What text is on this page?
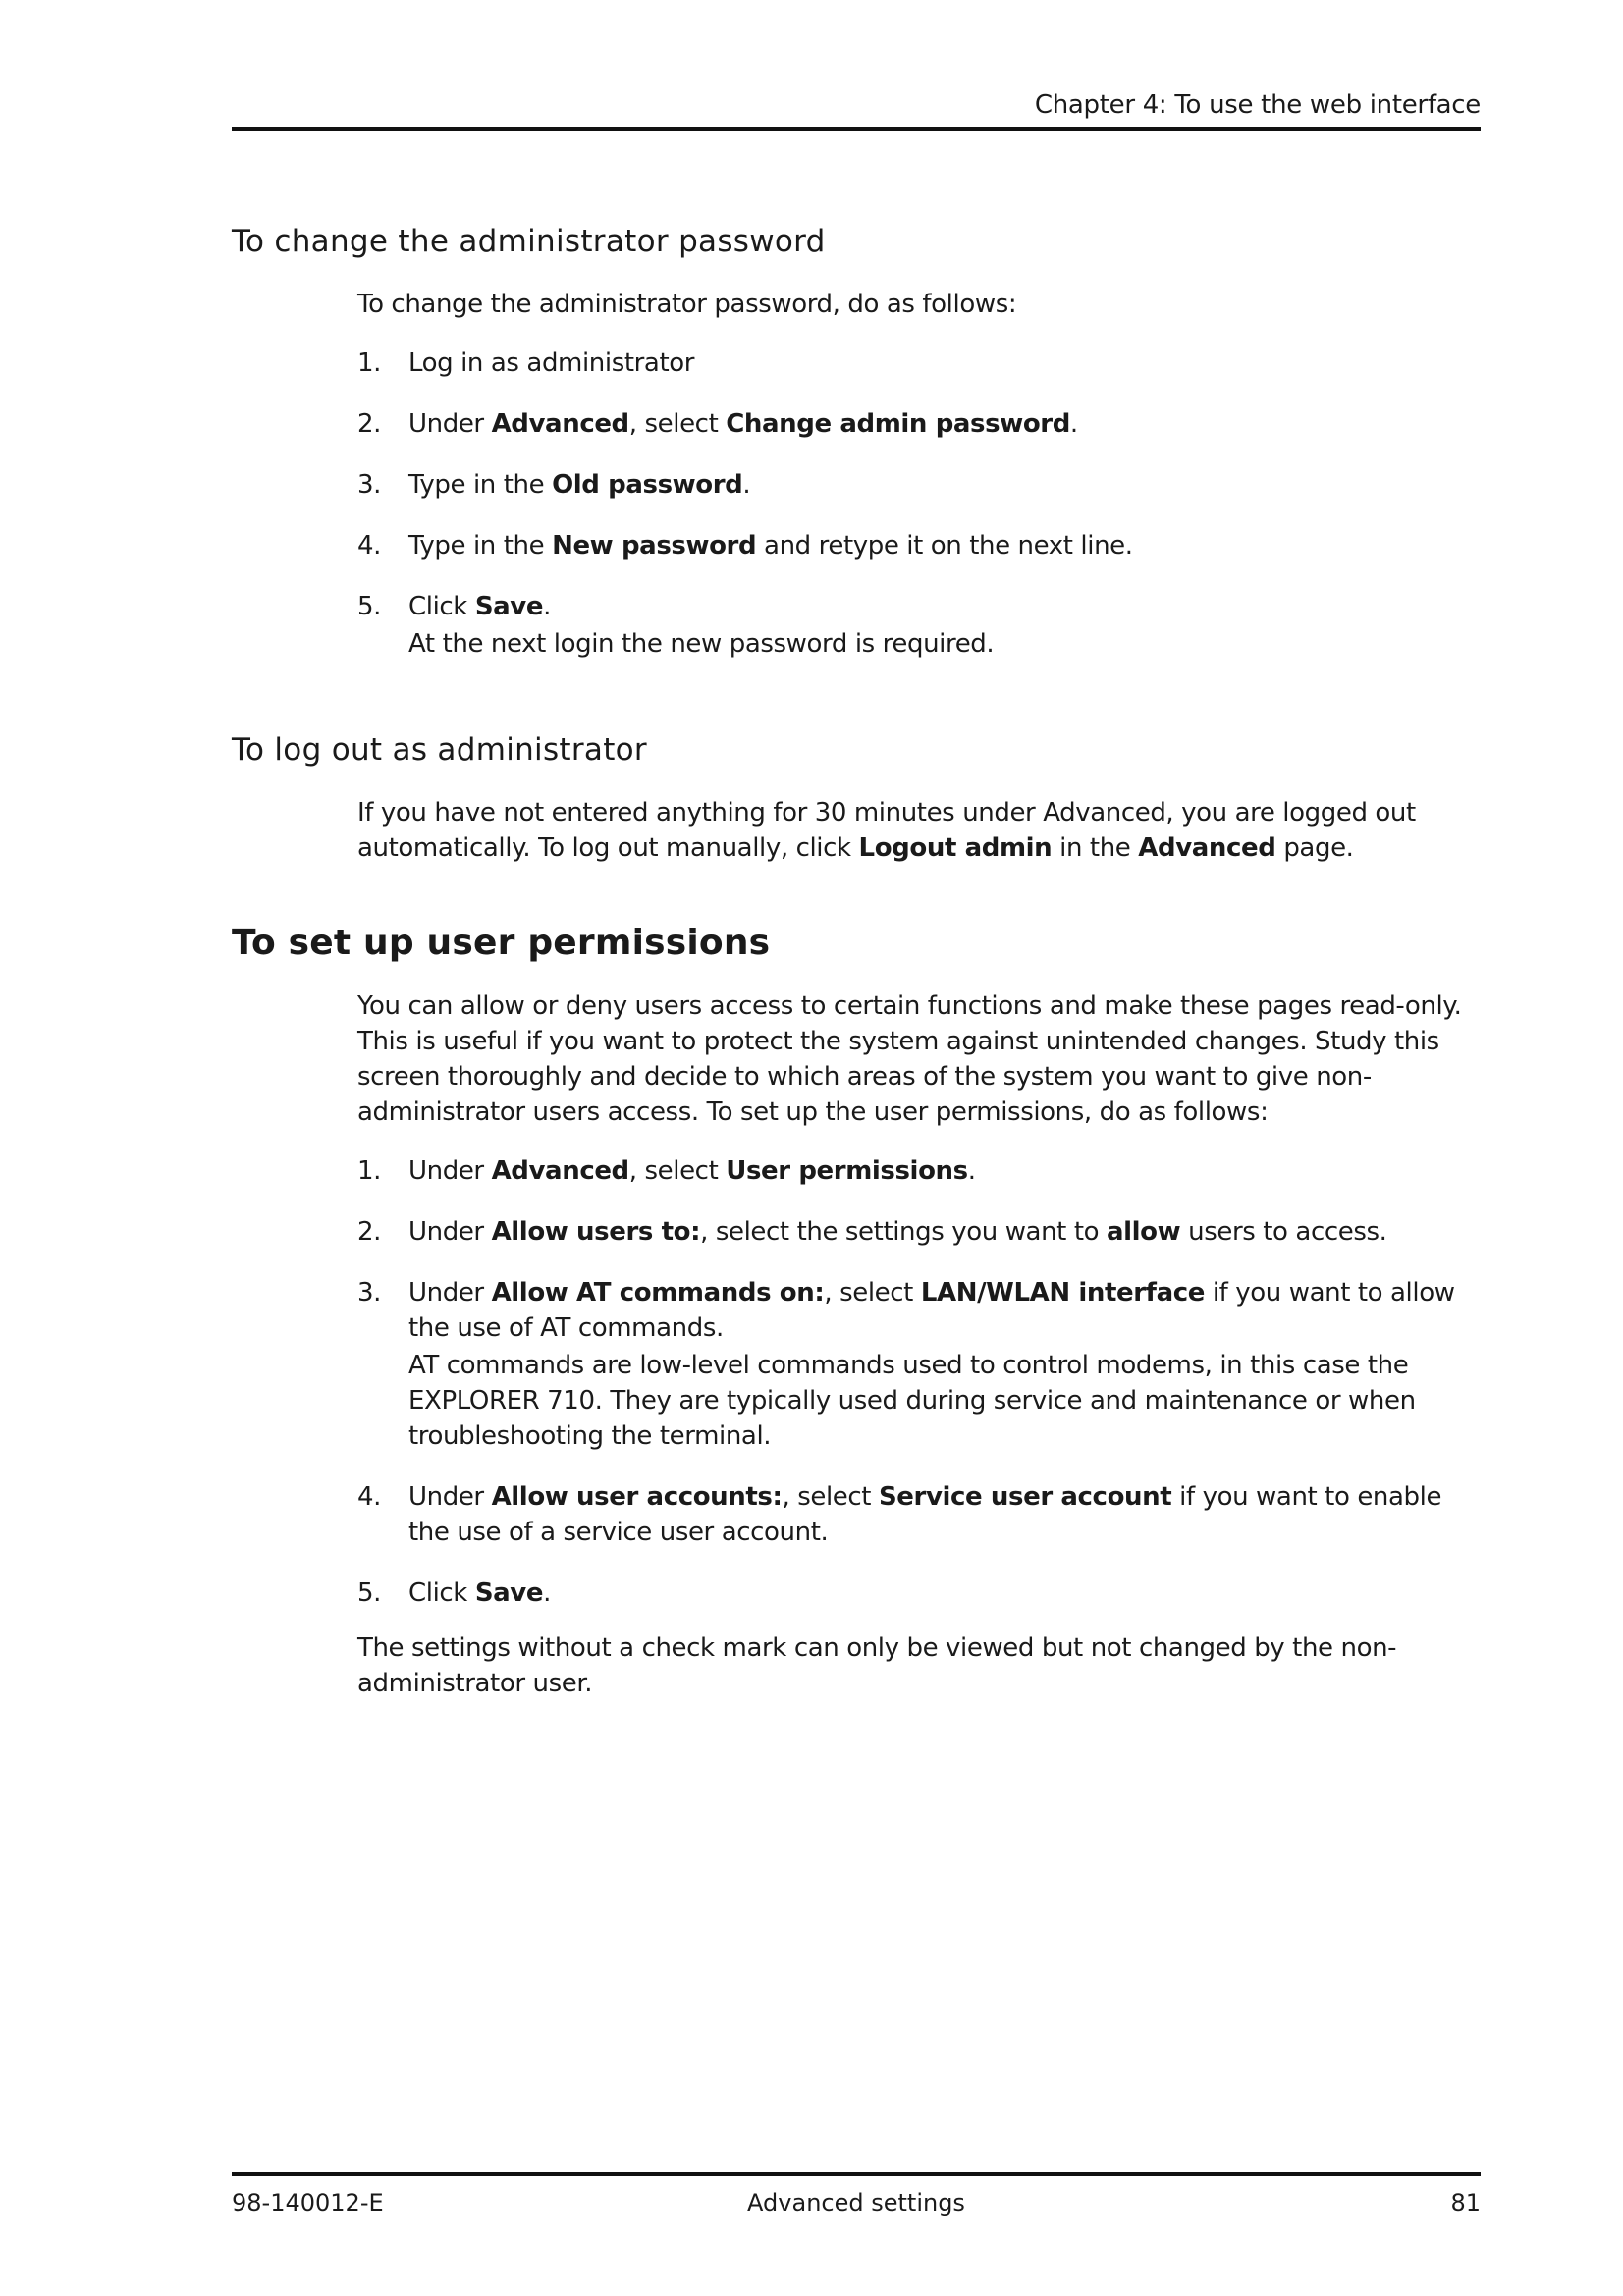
Chapter 4: To use the web interface
To change the administrator password

To change the administrator password, do as follows:

1. Log in as administrator
2. Under Advanced, select Change admin password.
3. Type in the Old password.
4. Type in the New password and retype it on the next line.
5. Click Save.
At the next login the new password is required.
To log out as administrator

If you have not entered anything for 30 minutes under Advanced, you are logged out automatically. To log out manually, click Logout admin in the Advanced page.

To set up user permissions

You can allow or deny users access to certain functions and make these pages read-only. This is useful if you want to protect the system against unintended changes. Study this screen thoroughly and decide to which areas of the system you want to give non-administrator users access. To set up the user permissions, do as follows:

1. Under Advanced, select User permissions.
2. Under Allow users to:, select the settings you want to allow users to access.
3. Under Allow AT commands on:, select LAN/WLAN interface if you want to allow the use of AT commands.
AT commands are low-level commands used to control modems, in this case the EXPLORER 710. They are typically used during service and maintenance or when troubleshooting the terminal.
4. Under Allow user accounts:, select Service user account if you want to enable the use of a service user account.
5. Click Save.

The settings without a check mark can only be viewed but not changed by the non-administrator user.

98-140012-E	Advanced settings	81
